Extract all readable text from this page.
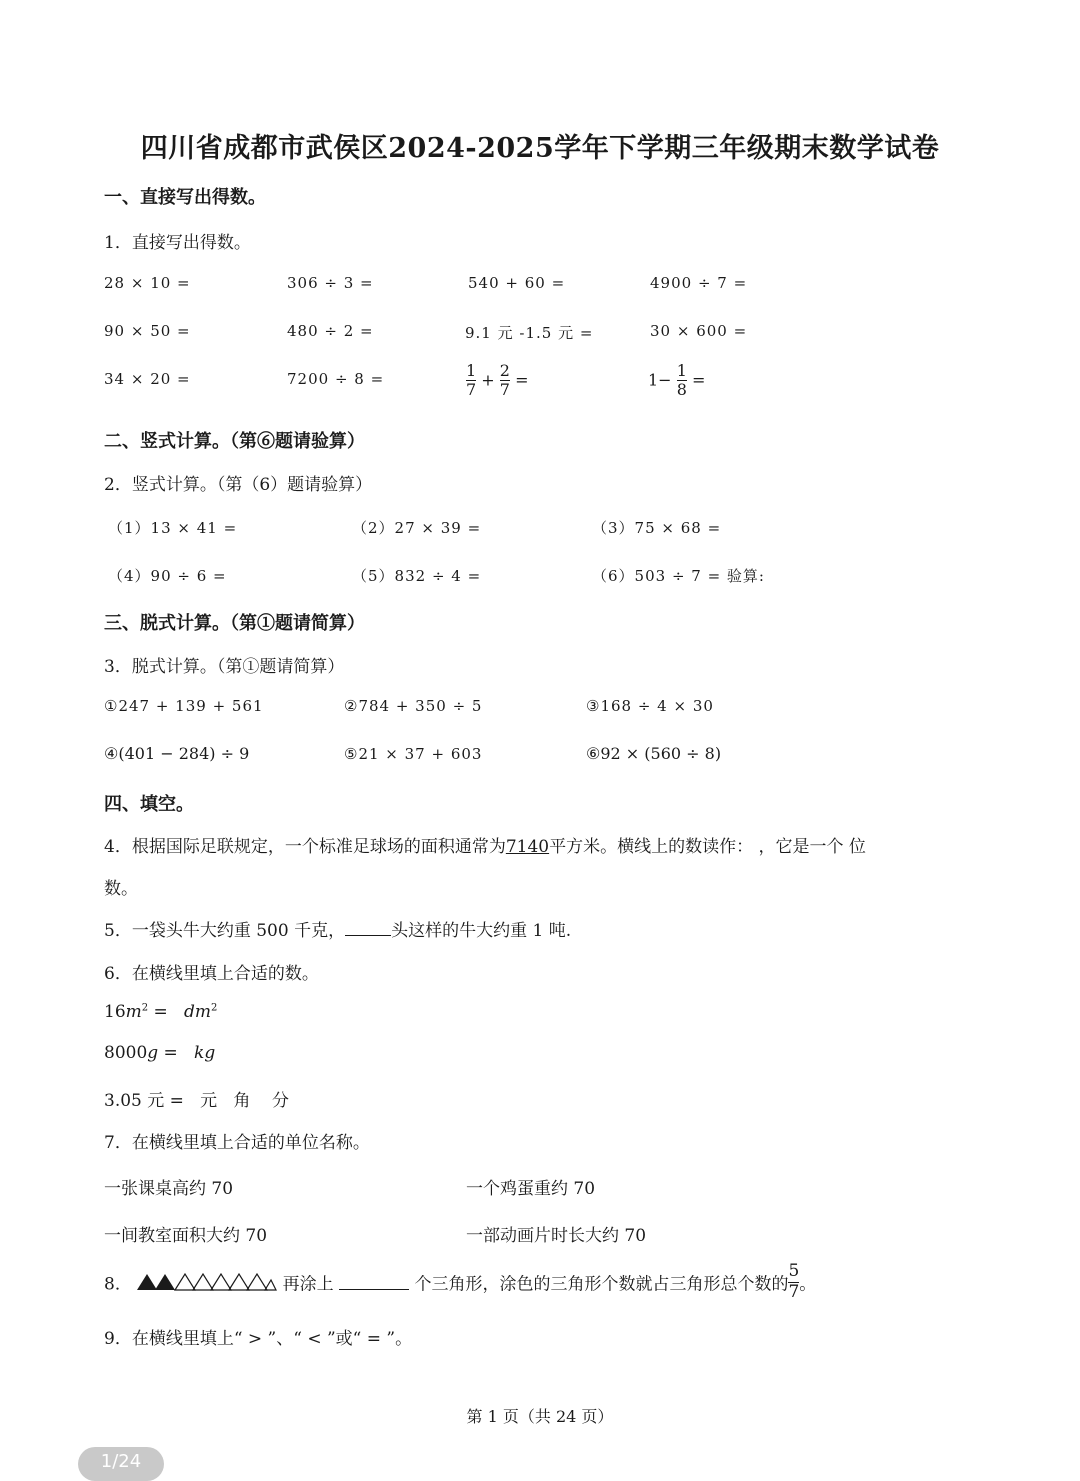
四川省成都市武侯区2024-2025学年下学期三年级期末数学试卷
一、直接写出得数。
1．直接写出得数。
28 × 10 =	306 ÷ 3 =	540 + 60 =	4900 ÷ 7 =
90 × 50 =	480 ÷ 2 =	9.1 元 -1.5 元 =	30 × 600 =
34 × 20 =	7200 ÷ 8 =	$\frac{1}{7} + \frac{2}{7}$ =	$1- \frac{1}{8}$ =
二、竖式计算。（第⑥题请验算）
2．竖式计算。（第（6）题请验算）
（1）13 × 41 =	（2）27 × 39 =	（3）75 × 68 =
（4）90 ÷ 6 =	（5）832 ÷ 4 =	（6）503 ÷ 7 = 验算:
三、脱式计算。（第①题请简算）
3．脱式计算。（第①题请简算）
①247 + 139 + 561	②784 + 350 ÷ 5	③168 ÷ 4 × 30
④(401 − 284) ÷ 9	⑤21 × 37 + 603	⑥92 × (560 ÷ 8)
四、填空。
4．根据国际足联规定，一个标准足球场的面积通常为7140平方米。横线上的数读作： ，它是一个 位
数。
5．一袋头牛大约重 500 千克，	头这样的牛大约重 1 吨.
6．在横线里填上合适的数。
$16m^2 = dm^2$
8000g =   kg
3.05 元 =   元   角    分
7．在横线里填上合适的单位名称。
一张课桌高约 70	一个鸡蛋重约 70
一间教室面积大约 70	一部动画片时长大约 70
8．	再涂上	个三角形，涂色的三角形个数就占三角形总个数的 $\frac{5}{7}$ 。
9．在横线里填上“ > ”、“ < ”或“ = ”。
第 1 页（共 24 页）
1/24
